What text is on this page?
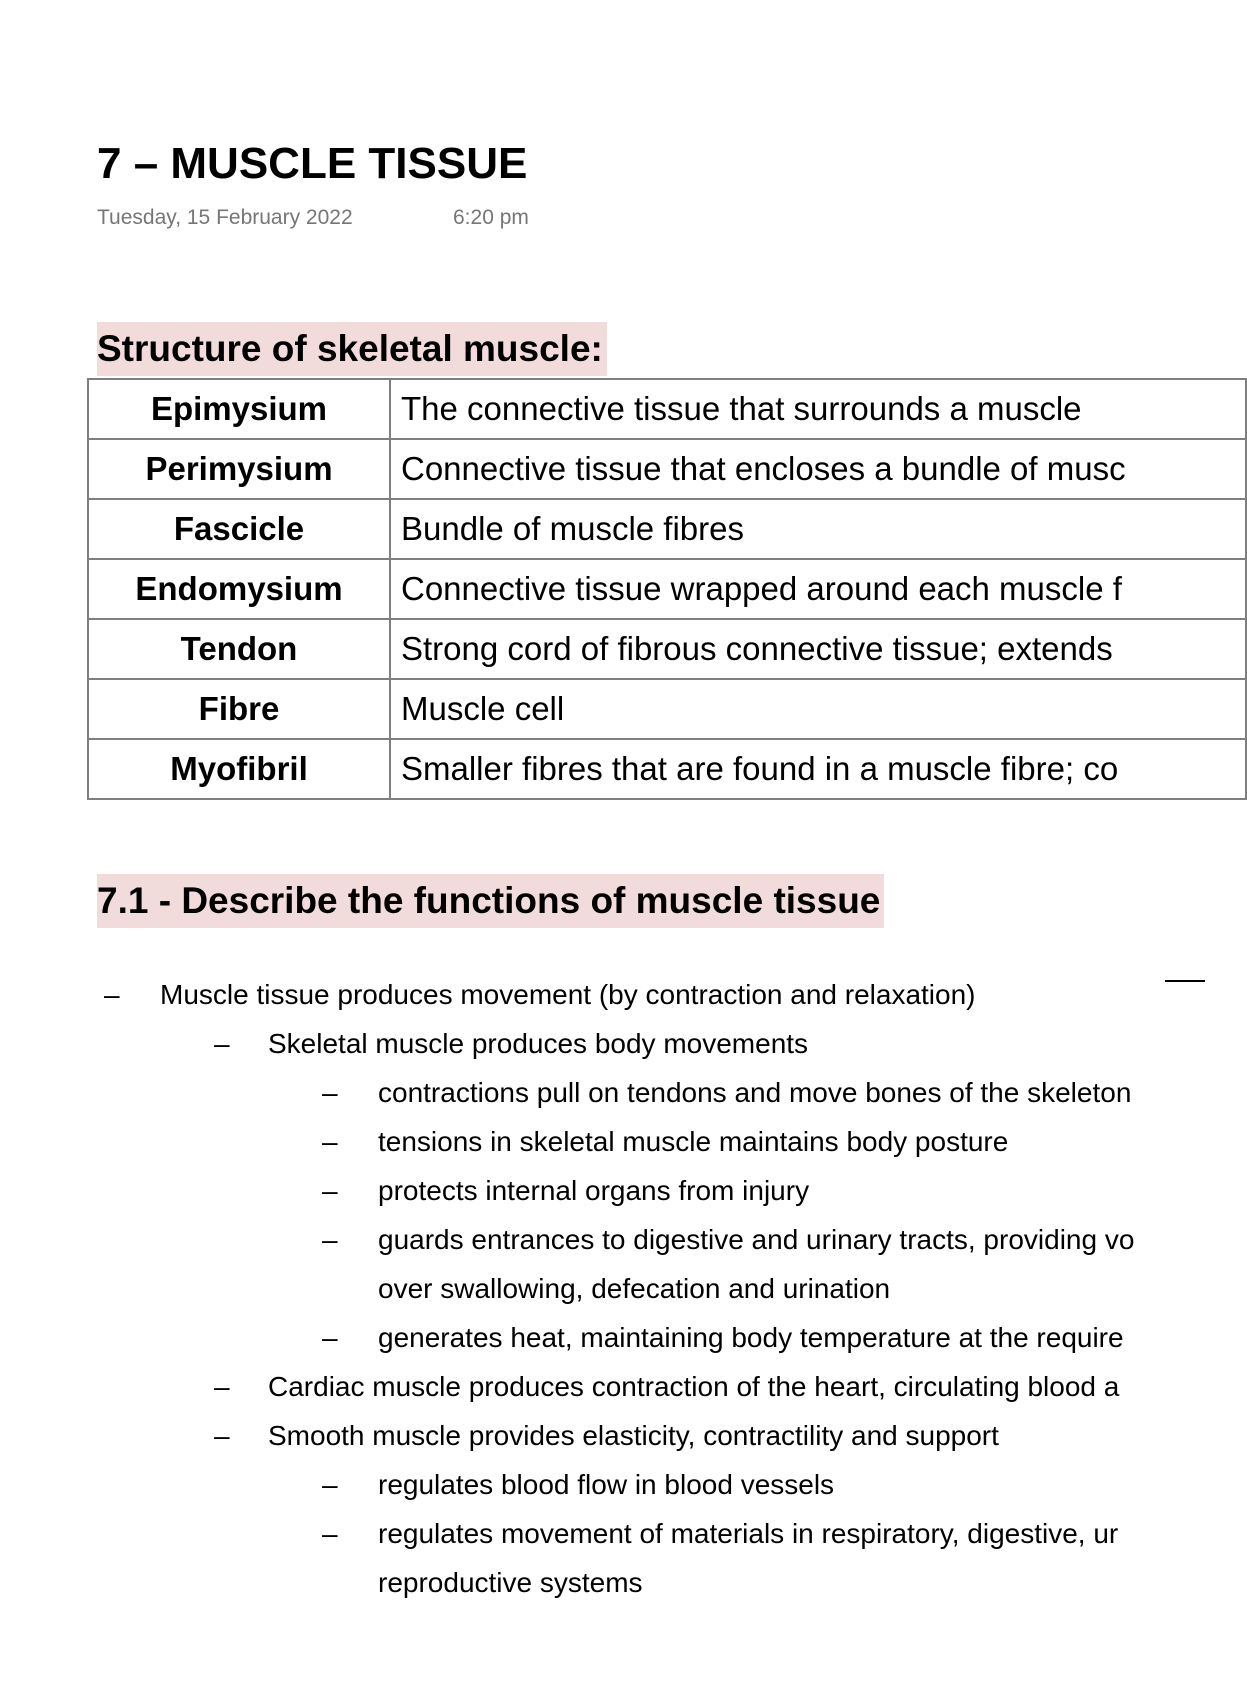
7 – MUSCLE TISSUE
Tuesday, 15 February 2022	6:20 pm
Structure of skeletal muscle:
Epimysium	The connective tissue that surrounds a muscle
Perimysium	Connective tissue that encloses a bundle of musc
Fascicle	Bundle of muscle fibres
Endomysium	Connective tissue wrapped around each muscle f
Tendon	Strong cord of fibrous connective tissue; extends
Fibre	Muscle cell
Myofibril	Smaller fibres that are found in a muscle fibre; co
7.1 - Describe the functions of muscle tissue
– Muscle tissue produces movement (by contraction and relaxation)
– Skeletal muscle produces body movements
– contractions pull on tendons and move bones of the skeleton
– tensions in skeletal muscle maintains body posture
– protects internal organs from injury
– guards entrances to digestive and urinary tracts, providing vo
over swallowing, defecation and urination
– generates heat, maintaining body temperature at the require
– Cardiac muscle produces contraction of the heart, circulating blood a
– Smooth muscle provides elasticity, contractility and support
– regulates blood flow in blood vessels
– regulates movement of materials in respiratory, digestive, ur
reproductive systems
